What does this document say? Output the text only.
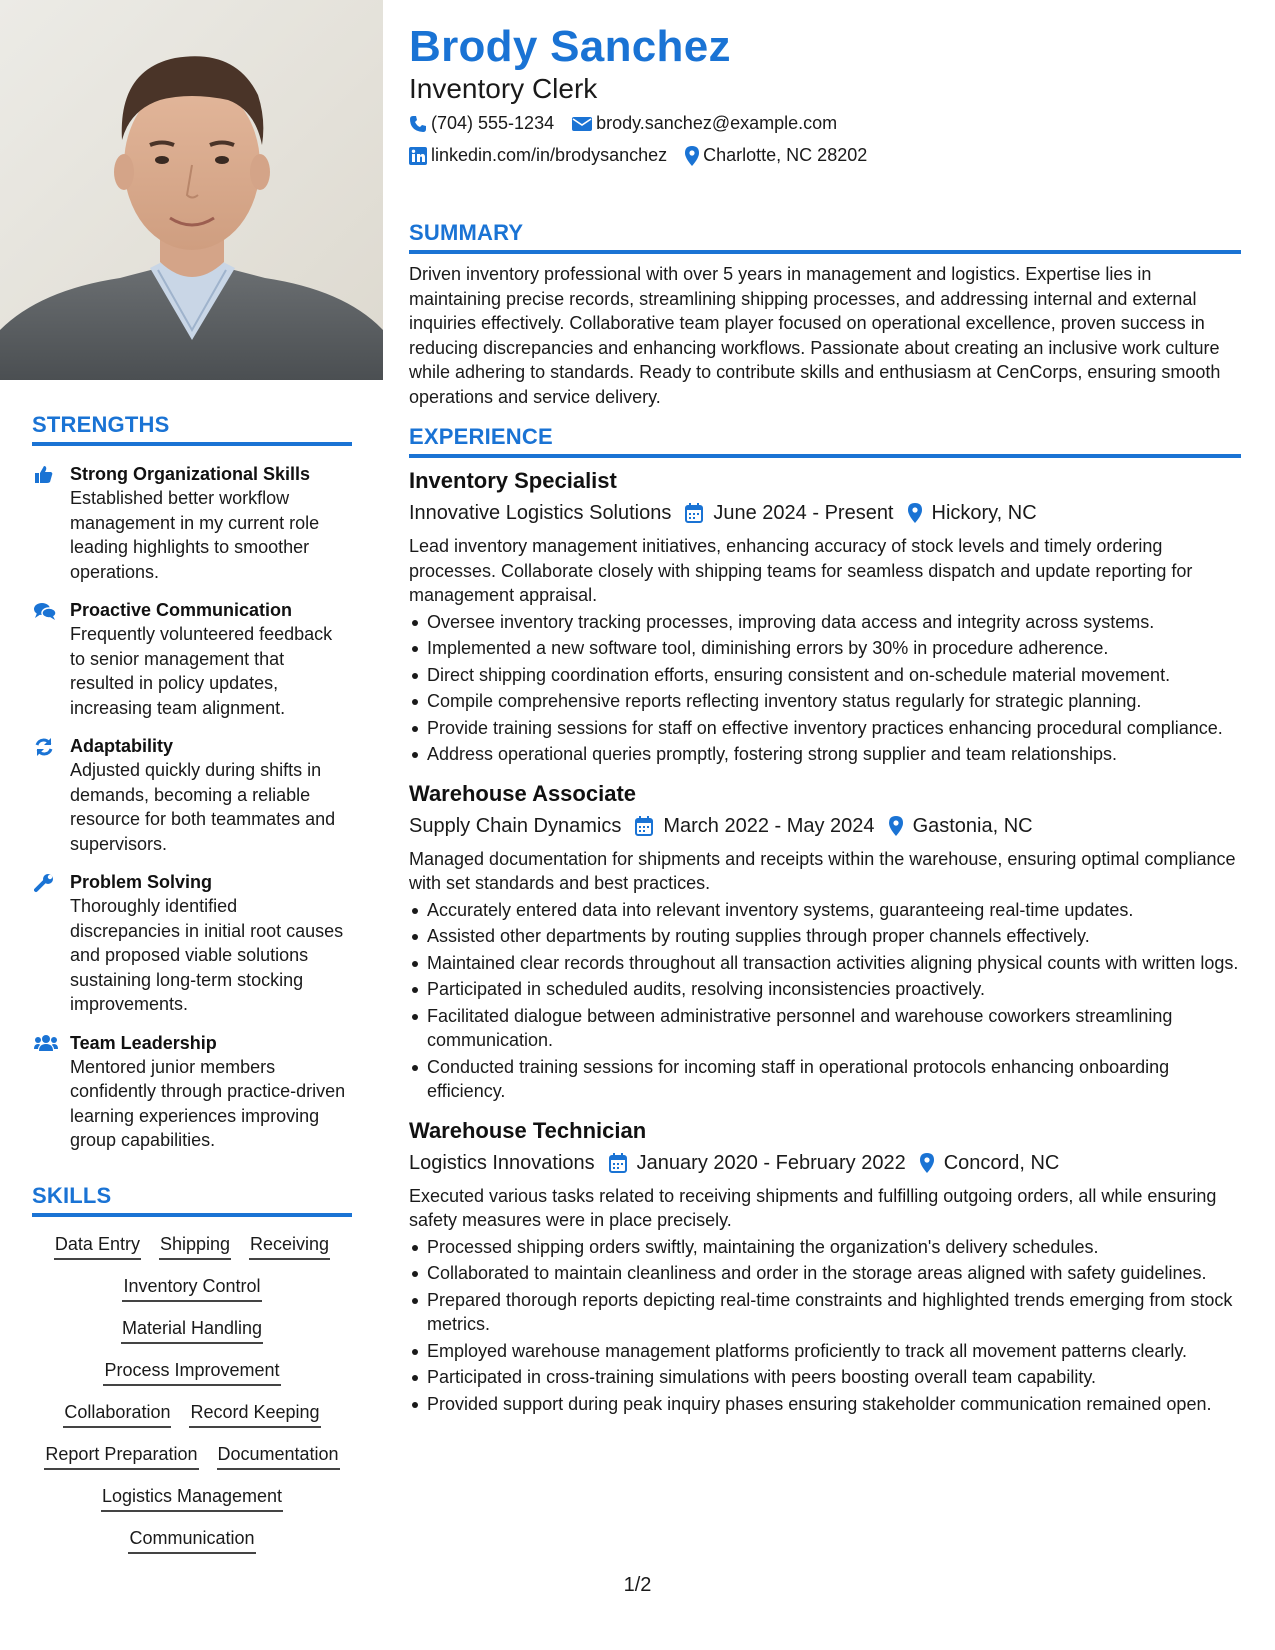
STRENGTHS
Strong Organizational Skills
Established better workflow management in my current role leading highlights to smoother operations.
Proactive Communication
Frequently volunteered feedback to senior management that resulted in policy updates, increasing team alignment.
Adaptability
Adjusted quickly during shifts in demands, becoming a reliable resource for both teammates and supervisors.
Problem Solving
Thoroughly identified discrepancies in initial root causes and proposed viable solutions sustaining long-term stocking improvements.
Team Leadership
Mentored junior members confidently through practice-driven learning experiences improving group capabilities.
SKILLS
Data Entry Shipping Receiving
Inventory Control
Material Handling
Process Improvement
Collaboration Record Keeping
Report Preparation Documentation
Logistics Management
Communication
Brody Sanchez
Inventory Clerk
(704) 555-1234 brody.sanchez@example.com
linkedin.com/in/brodysanchez Charlotte, NC 28202
SUMMARY
Driven inventory professional with over 5 years in management and logistics. Expertise lies in maintaining precise records, streamlining shipping processes, and addressing internal and external inquiries effectively. Collaborative team player focused on operational excellence, proven success in reducing discrepancies and enhancing workflows. Passionate about creating an inclusive work culture while adhering to standards. Ready to contribute skills and enthusiasm at CenCorps, ensuring smooth operations and service delivery.
EXPERIENCE
Inventory Specialist
Innovative Logistics Solutions June 2024 - Present Hickory, NC
Lead inventory management initiatives, enhancing accuracy of stock levels and timely ordering processes. Collaborate closely with shipping teams for seamless dispatch and update reporting for management appraisal.
Oversee inventory tracking processes, improving data access and integrity across systems.
Implemented a new software tool, diminishing errors by 30% in procedure adherence.
Direct shipping coordination efforts, ensuring consistent and on-schedule material movement.
Compile comprehensive reports reflecting inventory status regularly for strategic planning.
Provide training sessions for staff on effective inventory practices enhancing procedural compliance.
Address operational queries promptly, fostering strong supplier and team relationships.
Warehouse Associate
Supply Chain Dynamics March 2022 - May 2024 Gastonia, NC
Managed documentation for shipments and receipts within the warehouse, ensuring optimal compliance with set standards and best practices.
Accurately entered data into relevant inventory systems, guaranteeing real-time updates.
Assisted other departments by routing supplies through proper channels effectively.
Maintained clear records throughout all transaction activities aligning physical counts with written logs.
Participated in scheduled audits, resolving inconsistencies proactively.
Facilitated dialogue between administrative personnel and warehouse coworkers streamlining communication.
Conducted training sessions for incoming staff in operational protocols enhancing onboarding efficiency.
Warehouse Technician
Logistics Innovations January 2020 - February 2022 Concord, NC
Executed various tasks related to receiving shipments and fulfilling outgoing orders, all while ensuring safety measures were in place precisely.
Processed shipping orders swiftly, maintaining the organization's delivery schedules.
Collaborated to maintain cleanliness and order in the storage areas aligned with safety guidelines.
Prepared thorough reports depicting real-time constraints and highlighted trends emerging from stock metrics.
Employed warehouse management platforms proficiently to track all movement patterns clearly.
Participated in cross-training simulations with peers boosting overall team capability.
Provided support during peak inquiry phases ensuring stakeholder communication remained open.
1/2
